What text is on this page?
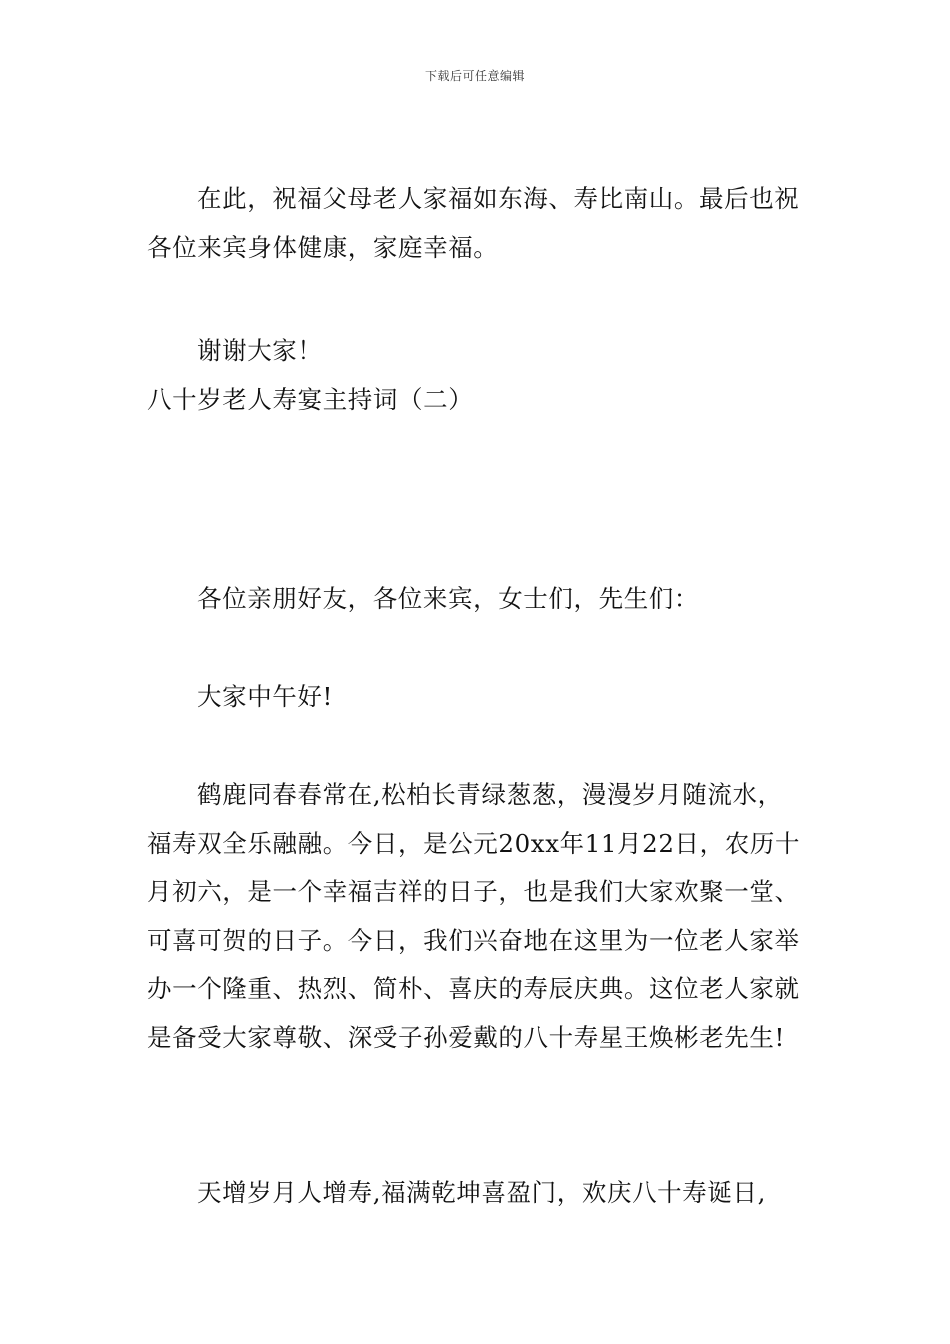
下载后可任意编辑

在此，祝福父母老人家福如东海、寿比南山。最后也祝各位来宾身体健康，家庭幸福。

谢谢大家！

八十岁老人寿宴主持词（二）

各位亲朋好友，各位来宾，女士们，先生们：

大家中午好!

鹤鹿同春春常在,松柏长青绿葱葱，漫漫岁月随流水，福寿双全乐融融。今日，是公元20xx年11月22日，农历十月初六，是一个幸福吉祥的日子，也是我们大家欢聚一堂、可喜可贺的日子。今日，我们兴奋地在这里为一位老人家举办一个隆重、热烈、简朴、喜庆的寿辰庆典。这位老人家就是备受大家尊敬、深受子孙爱戴的八十寿星王焕彬老先生!

天增岁月人增寿,福满乾坤喜盈门，欢庆八十寿诞日,
